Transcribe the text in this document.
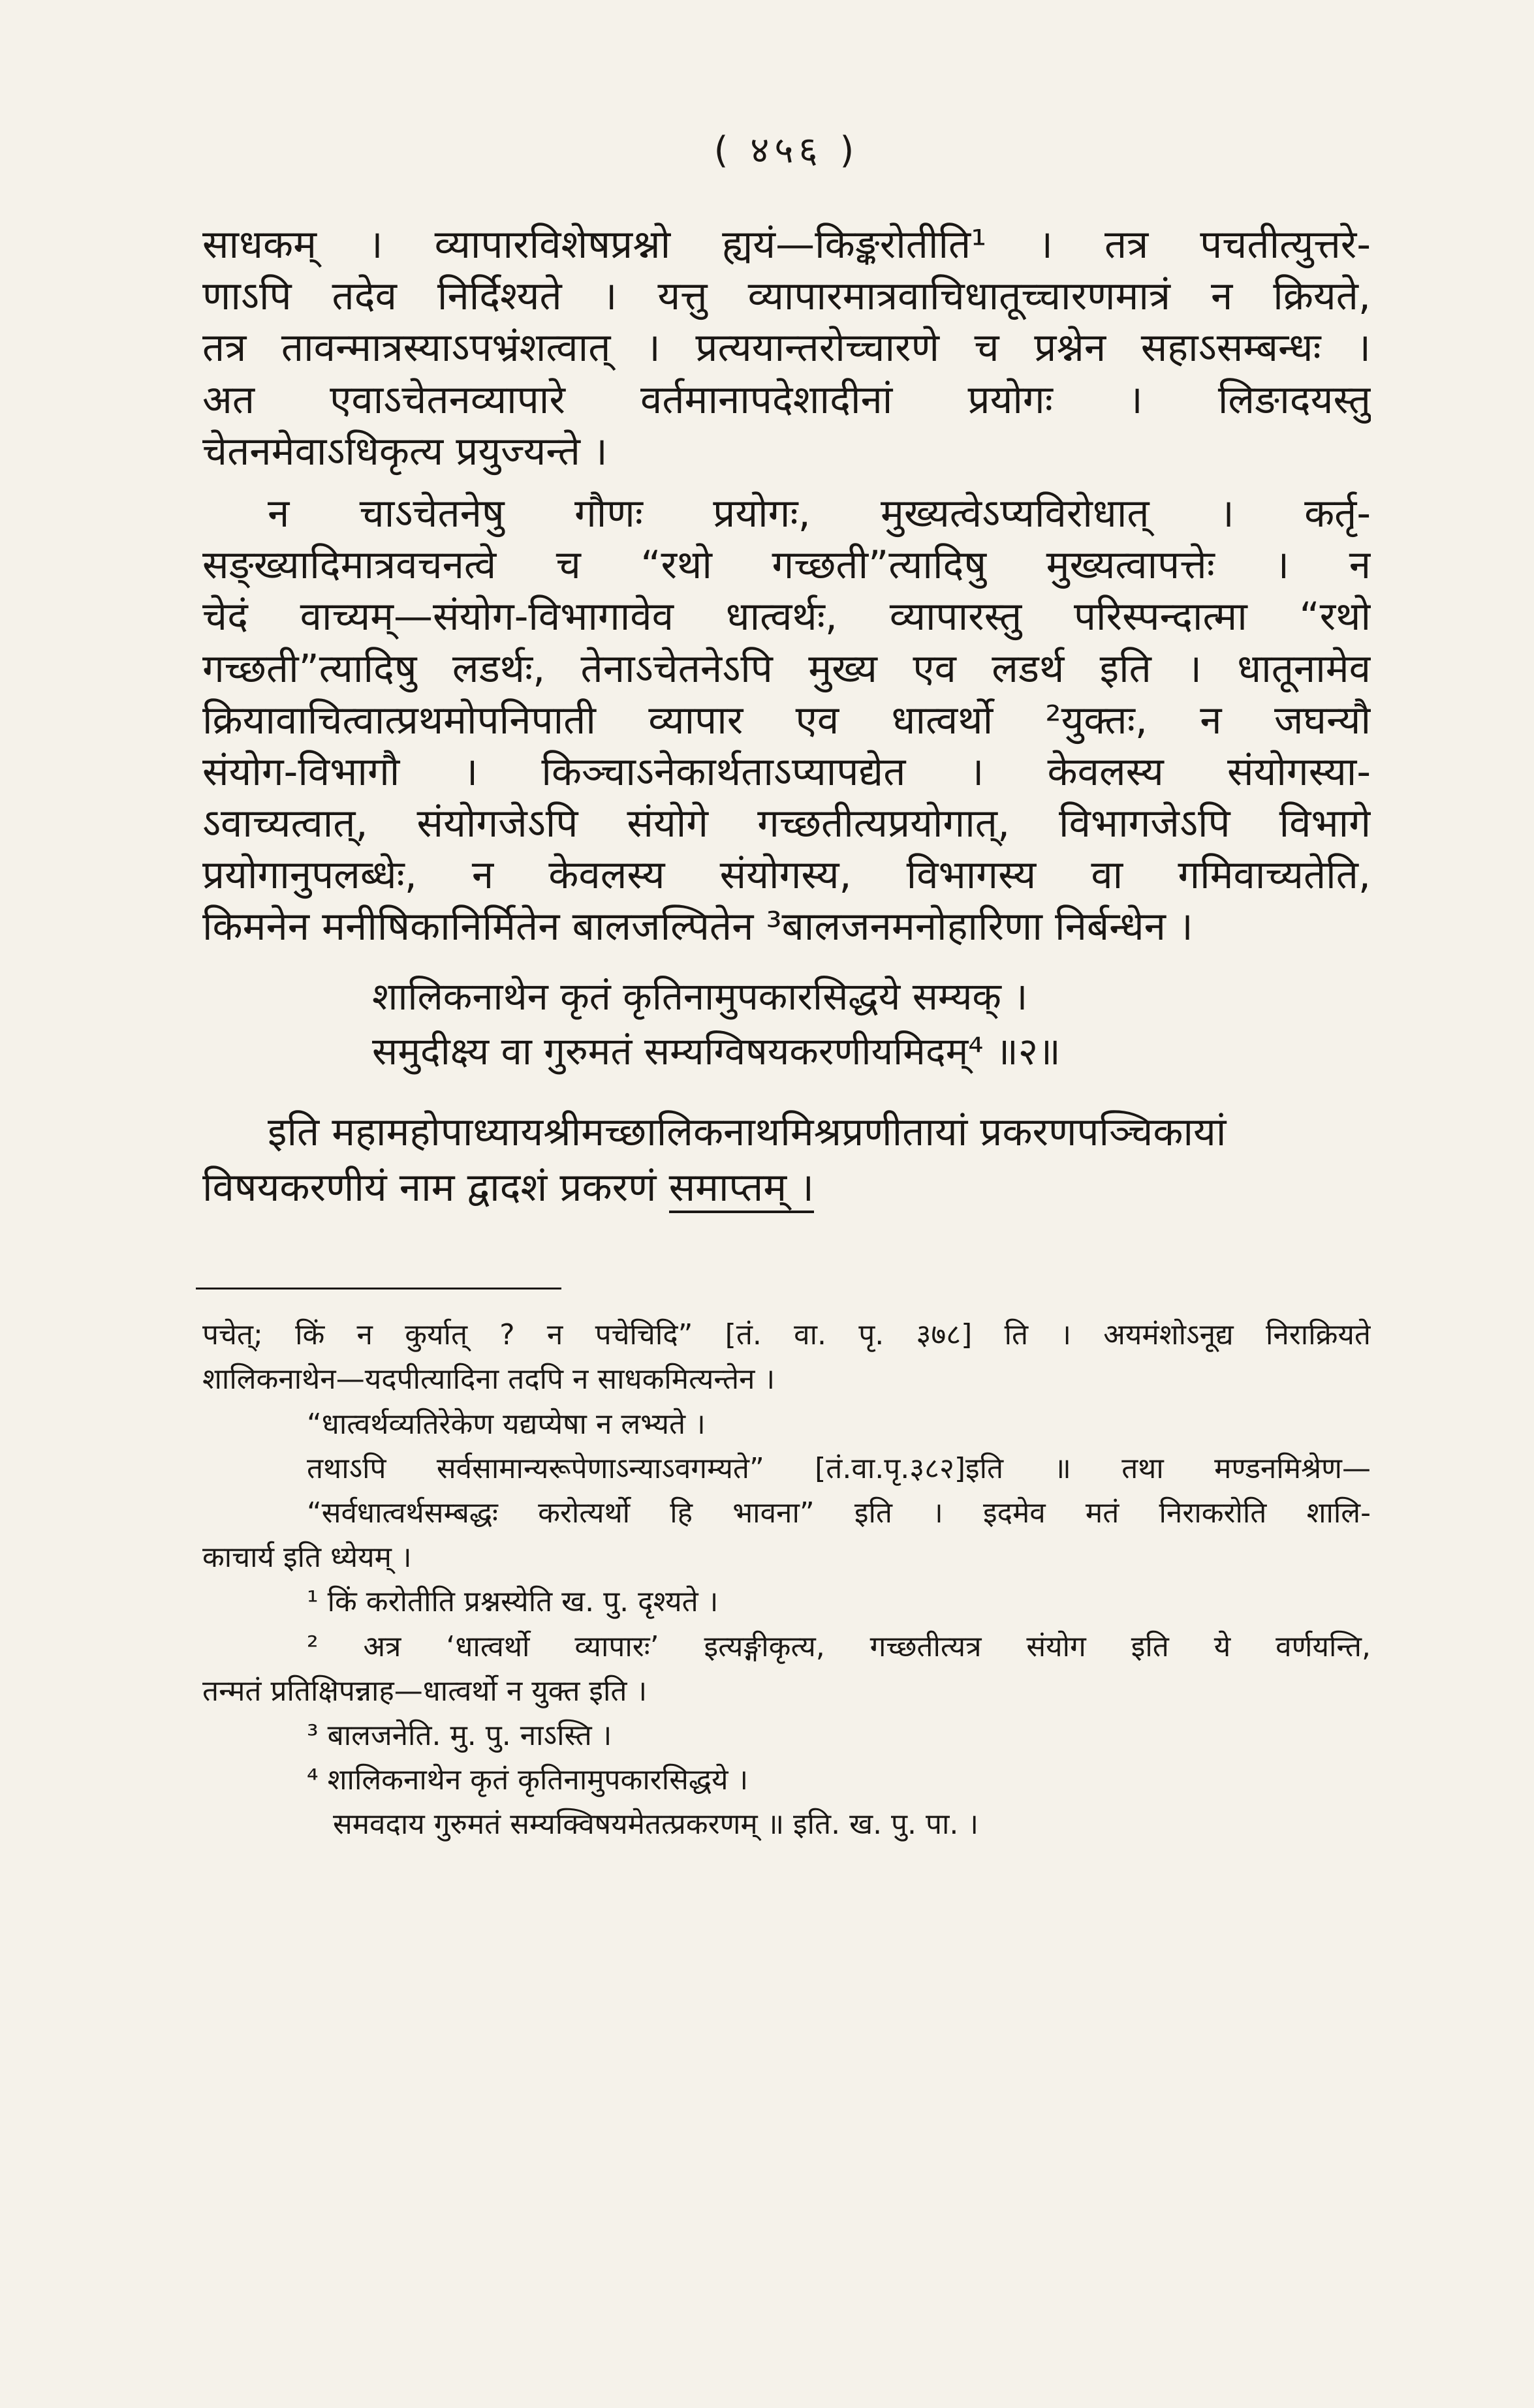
( ४५६ )

साधकम् । व्यापारविशेषप्रश्नो ह्ययं—किङ्करोतीति¹ । तत्र पचतीत्युत्तरे-
णाऽपि तदेव निर्दिश्यते । यत्तु व्यापारमात्रवाचिधातूच्चारणमात्रं न क्रियते,
तत्र तावन्मात्रस्याऽपभ्रंशत्वात् । प्रत्ययान्तरोच्चारणे च प्रश्नेन सहाऽसम्बन्धः ।
अत एवाऽचेतनव्यापारे वर्तमानापदेशादीनां प्रयोगः । लिङादयस्तु
चेतनमेवाऽधिकृत्य प्रयुज्यन्ते ।

न चाऽचेतनेषु गौणः प्रयोगः, मुख्यत्वेऽप्यविरोधात् । कर्तृ-
सङ्ख्यादिमात्रवचनत्वे च “रथो गच्छती”त्यादिषु मुख्यत्वापत्तेः । न
चेदं वाच्यम्—संयोग-विभागावेव धात्वर्थः, व्यापारस्तु परिस्पन्दात्मा “रथो
गच्छती”त्यादिषु लडर्थः, तेनाऽचेतनेऽपि मुख्य एव लडर्थ इति । धातूनामेव
क्रियावाचित्वात्प्रथमोपनिपाती व्यापार एव धात्वर्थो ²युक्तः, न जघन्यौ
संयोग-विभागौ । किञ्चाऽनेकार्थताऽप्यापद्येत । केवलस्य संयोगस्या-
ऽवाच्यत्वात्, संयोगजेऽपि संयोगे गच्छतीत्यप्रयोगात्, विभागजेऽपि विभागे
प्रयोगानुपलब्धेः, न केवलस्य संयोगस्य, विभागस्य वा गमिवाच्यतेति,
किमनेन मनीषिकानिर्मितेन बालजल्पितेन ³बालजनमनोहारिणा निर्बन्धेन ।

शालिकनाथेन कृतं कृतिनामुपकारसिद्धये सम्यक् ।
समुदीक्ष्य वा गुरुमतं सम्यग्विषयकरणीयमिदम्⁴ ॥२॥
इति महामहोपाध्यायश्रीमच्छालिकनाथमिश्रप्रणीतायां प्रकरणपञ्चिकायां
विषयकरणीयं नाम द्वादशं प्रकरणं समाप्तम् ।
पचेत्; किं न कुर्यात् ? न पचेचिदि” [तं. वा. पृ. ३७८] ति । अयमंशोऽनूद्य निराक्रियते
शालिकनाथेन—यदपीत्यादिना तदपि न साधकमित्यन्तेन ।
“धात्वर्थव्यतिरेकेण यद्यप्येषा न लभ्यते ।
तथाऽपि सर्वसामान्यरूपेणाऽन्याऽवगम्यते” [तं.वा.पृ.३८२]इति ॥ तथा मण्डनमिश्रेण—
“सर्वधात्वर्थसम्बद्धः करोत्यर्थो हि भावना” इति । इदमेव मतं निराकरोति शालि-
काचार्य इति ध्येयम् ।
¹ किं करोतीति प्रश्नस्येति ख. पु. दृश्यते ।
² अत्र ‘धात्वर्थो व्यापारः’ इत्यङ्गीकृत्य, गच्छतीत्यत्र संयोग इति ये वर्णयन्ति,
तन्मतं प्रतिक्षिपन्नाह—धात्वर्थो न युक्त इति ।
³ बालजनेति. मु. पु. नाऽस्ति ।
⁴ शालिकनाथेन कृतं कृतिनामुपकारसिद्धये ।
समवदाय गुरुमतं सम्यक्विषयमेतत्प्रकरणम् ॥ इति. ख. पु. पा. ।
